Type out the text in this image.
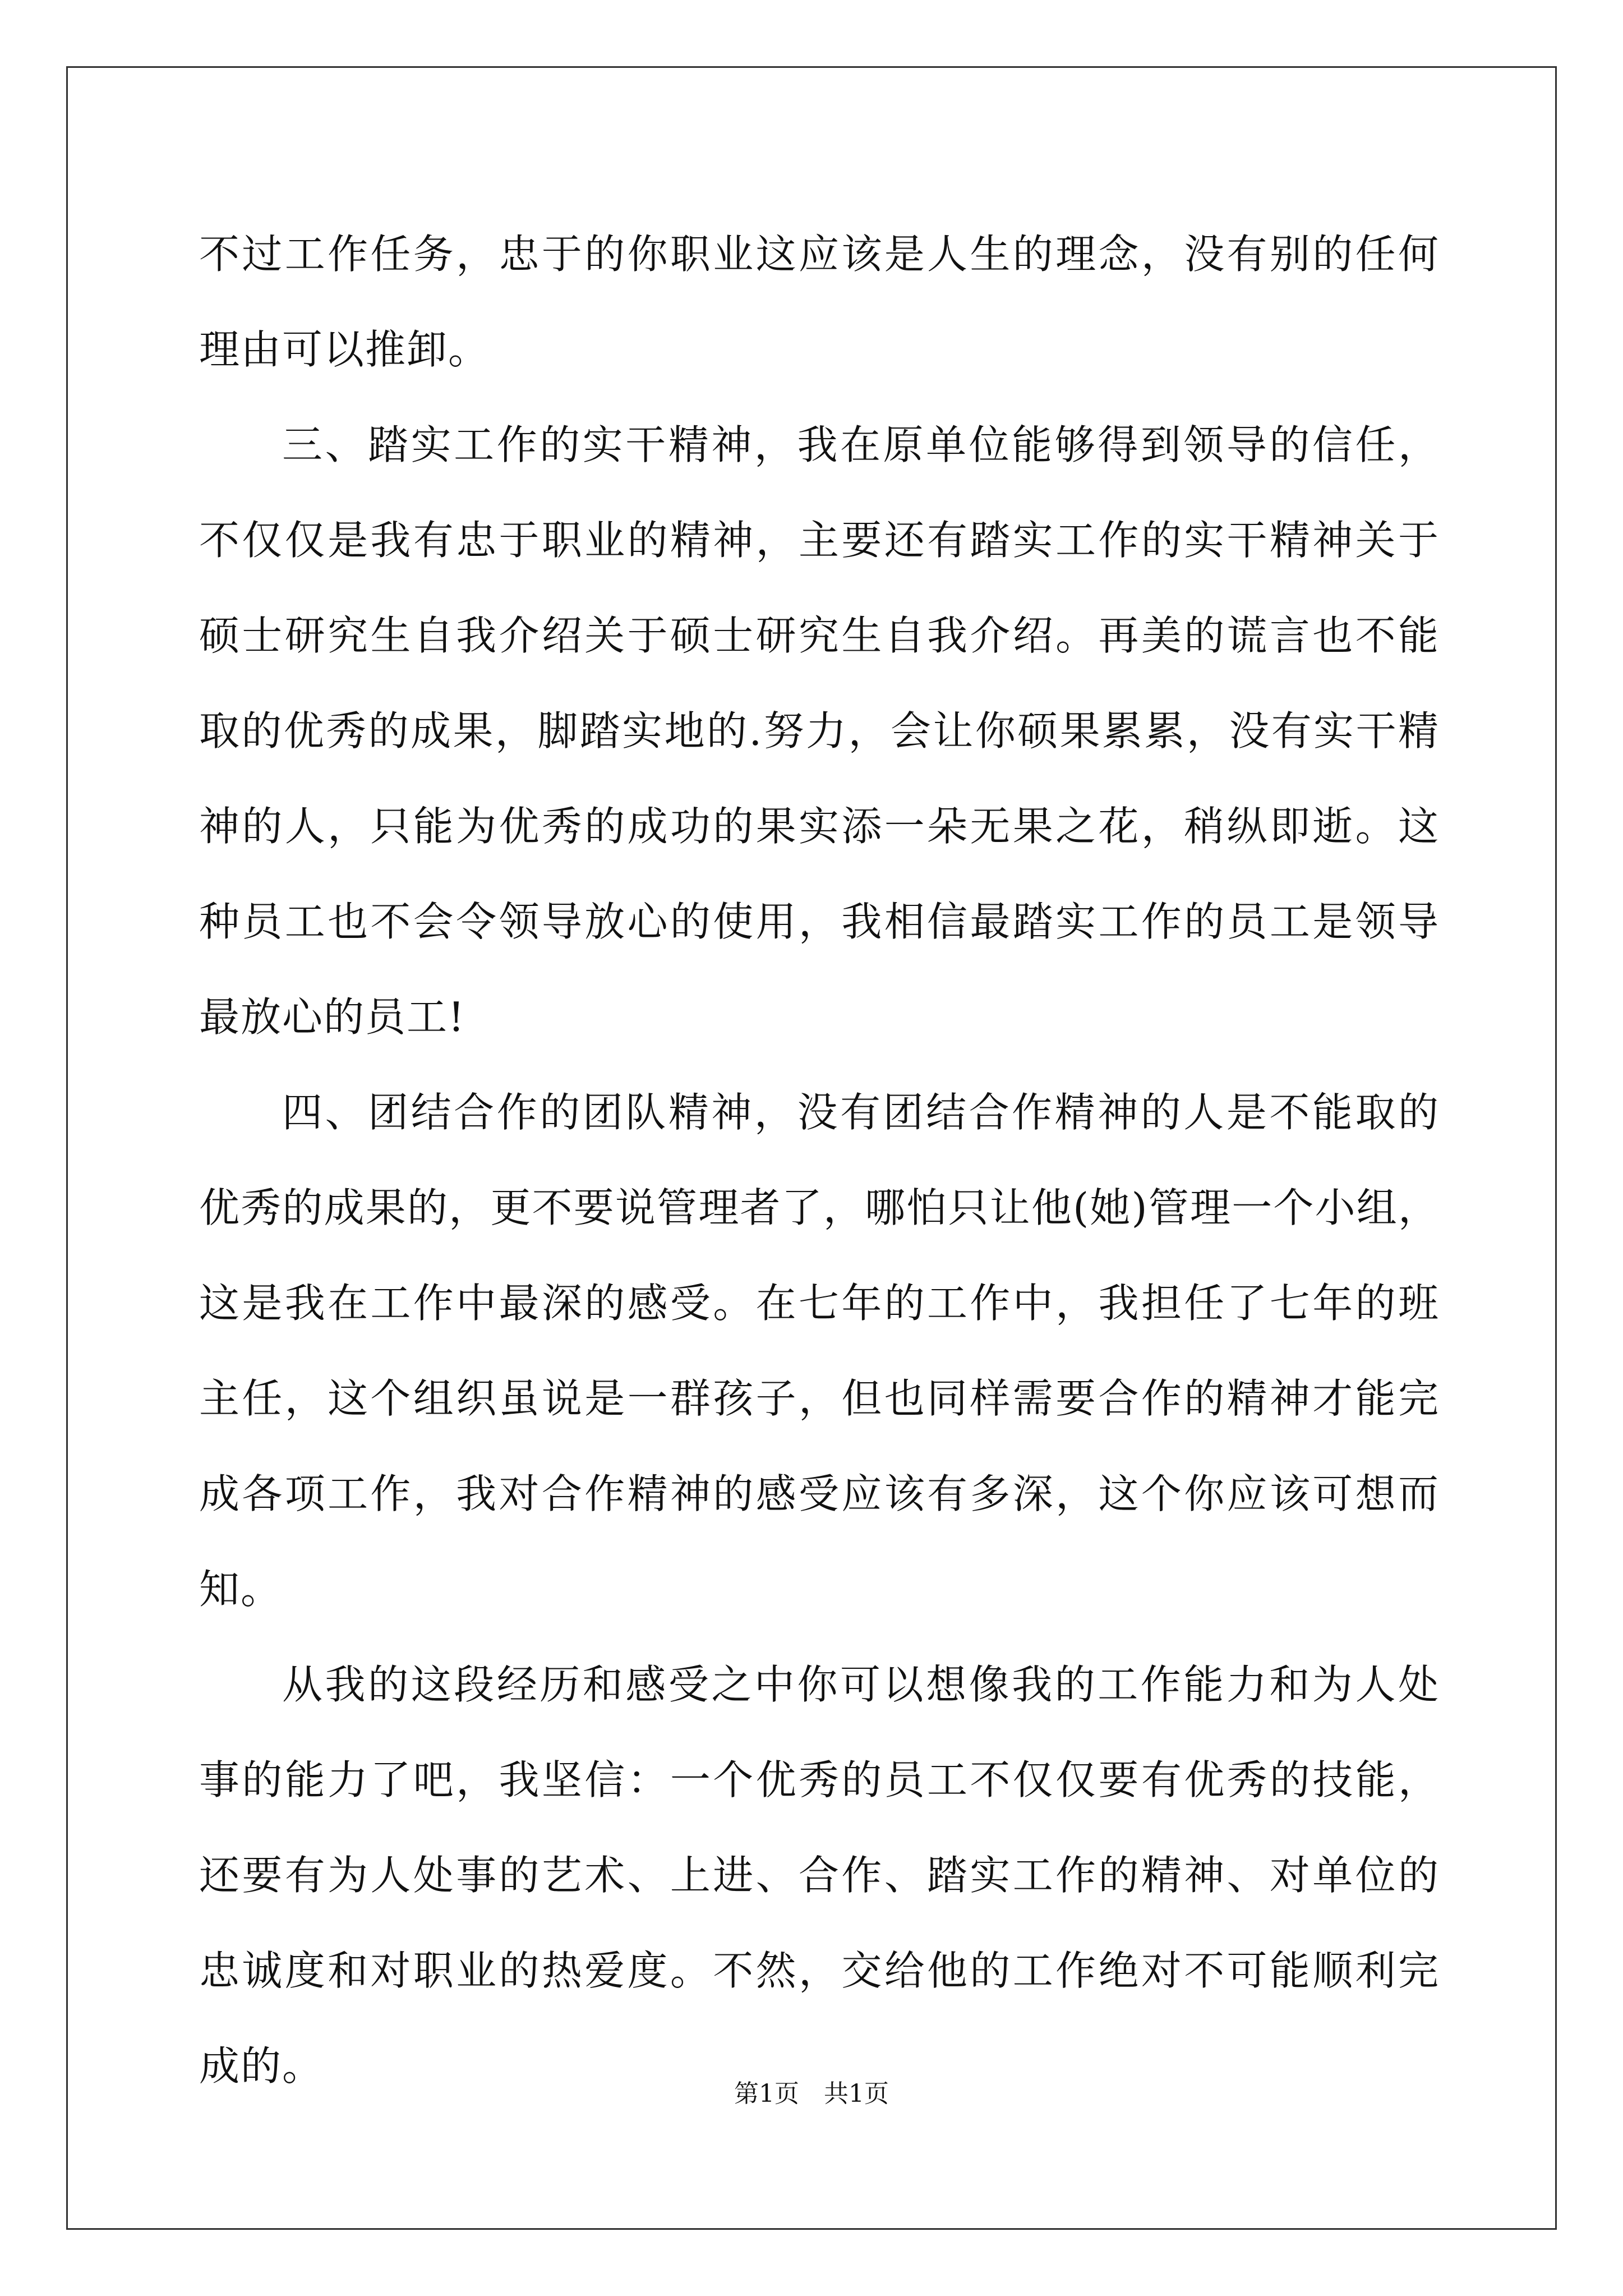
不过工作任务，忠于的你职业这应该是人生的理念，没有别的任何理由可以推卸。

三、踏实工作的实干精神，我在原单位能够得到领导的信任，不仅仅是我有忠于职业的精神，主要还有踏实工作的实干精神关于硕士研究生自我介绍关于硕士研究生自我介绍。再美的谎言也不能取的优秀的成果，脚踏实地的.努力，会让你硕果累累，没有实干精神的人，只能为优秀的成功的果实添一朵无果之花，稍纵即逝。这种员工也不会令领导放心的使用，我相信最踏实工作的员工是领导最放心的员工!

四、团结合作的团队精神，没有团结合作精神的人是不能取的优秀的成果的，更不要说管理者了，哪怕只让他(她)管理一个小组，这是我在工作中最深的感受。在七年的工作中，我担任了七年的班主任，这个组织虽说是一群孩子，但也同样需要合作的精神才能完成各项工作，我对合作精神的感受应该有多深，这个你应该可想而知。

从我的这段经历和感受之中你可以想像我的工作能力和为人处事的能力了吧，我坚信：一个优秀的员工不仅仅要有优秀的技能，还要有为人处事的艺术、上进、合作、踏实工作的精神、对单位的忠诚度和对职业的热爱度。不然，交给他的工作绝对不可能顺利完成的。

第1页 共1页
